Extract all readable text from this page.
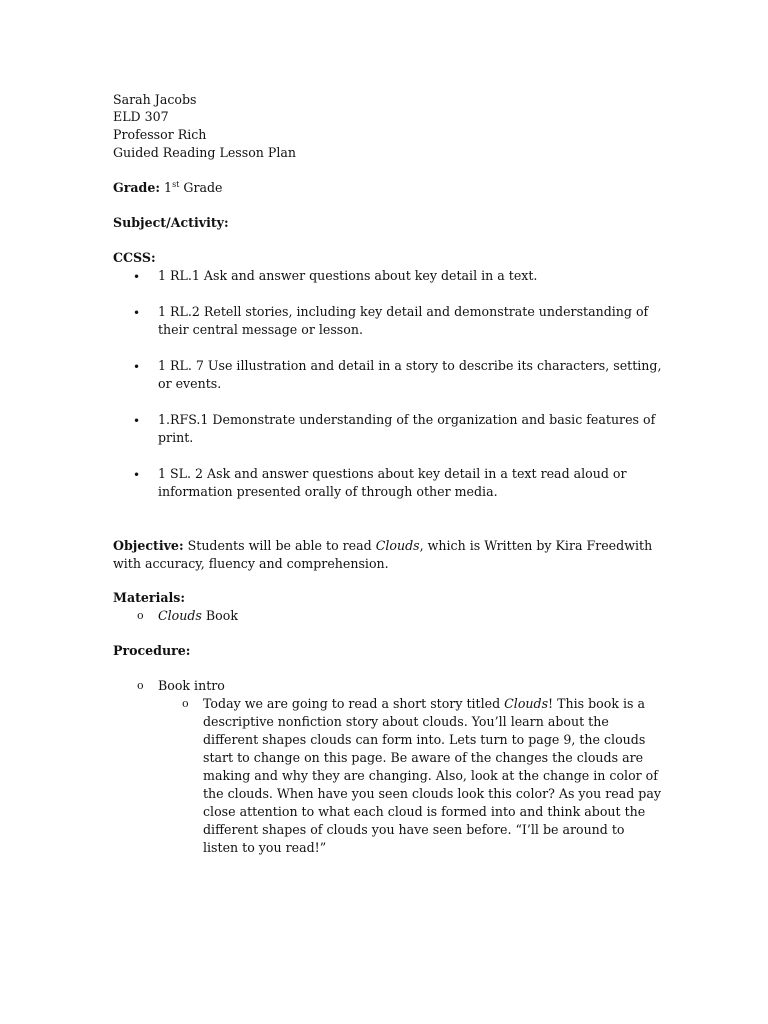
Sarah Jacobs
ELD 307
Professor Rich
Guided Reading Lesson Plan
Grade: 1st Grade
Subject/Activity:
CCSS:
• 1 RL.1 Ask and answer questions about key detail in a text.
• 1 RL.2 Retell stories, including key detail and demonstrate understanding of their central message or lesson.
• 1 RL. 7 Use illustration and detail in a story to describe its characters, setting, or events.
• 1.RFS.1 Demonstrate understanding of the organization and basic features of print.
• 1 SL. 2 Ask and answer questions about key detail in a text read aloud or information presented orally of through other media.
Objective: Students will be able to read Clouds, which is Written by Kira Freedwith with accuracy, fluency and comprehension.
Materials:
o Clouds Book
Procedure:
o Book intro
o Today we are going to read a short story titled Clouds! This book is a descriptive nonfiction story about clouds. You’ll learn about the different shapes clouds can form into. Lets turn to page 9, the clouds start to change on this page. Be aware of the changes the clouds are making and why they are changing. Also, look at the change in color of the clouds. When have you seen clouds look this color? As you read pay close attention to what each cloud is formed into and think about the different shapes of clouds you have seen before. “I’ll be around to listen to you read!”
